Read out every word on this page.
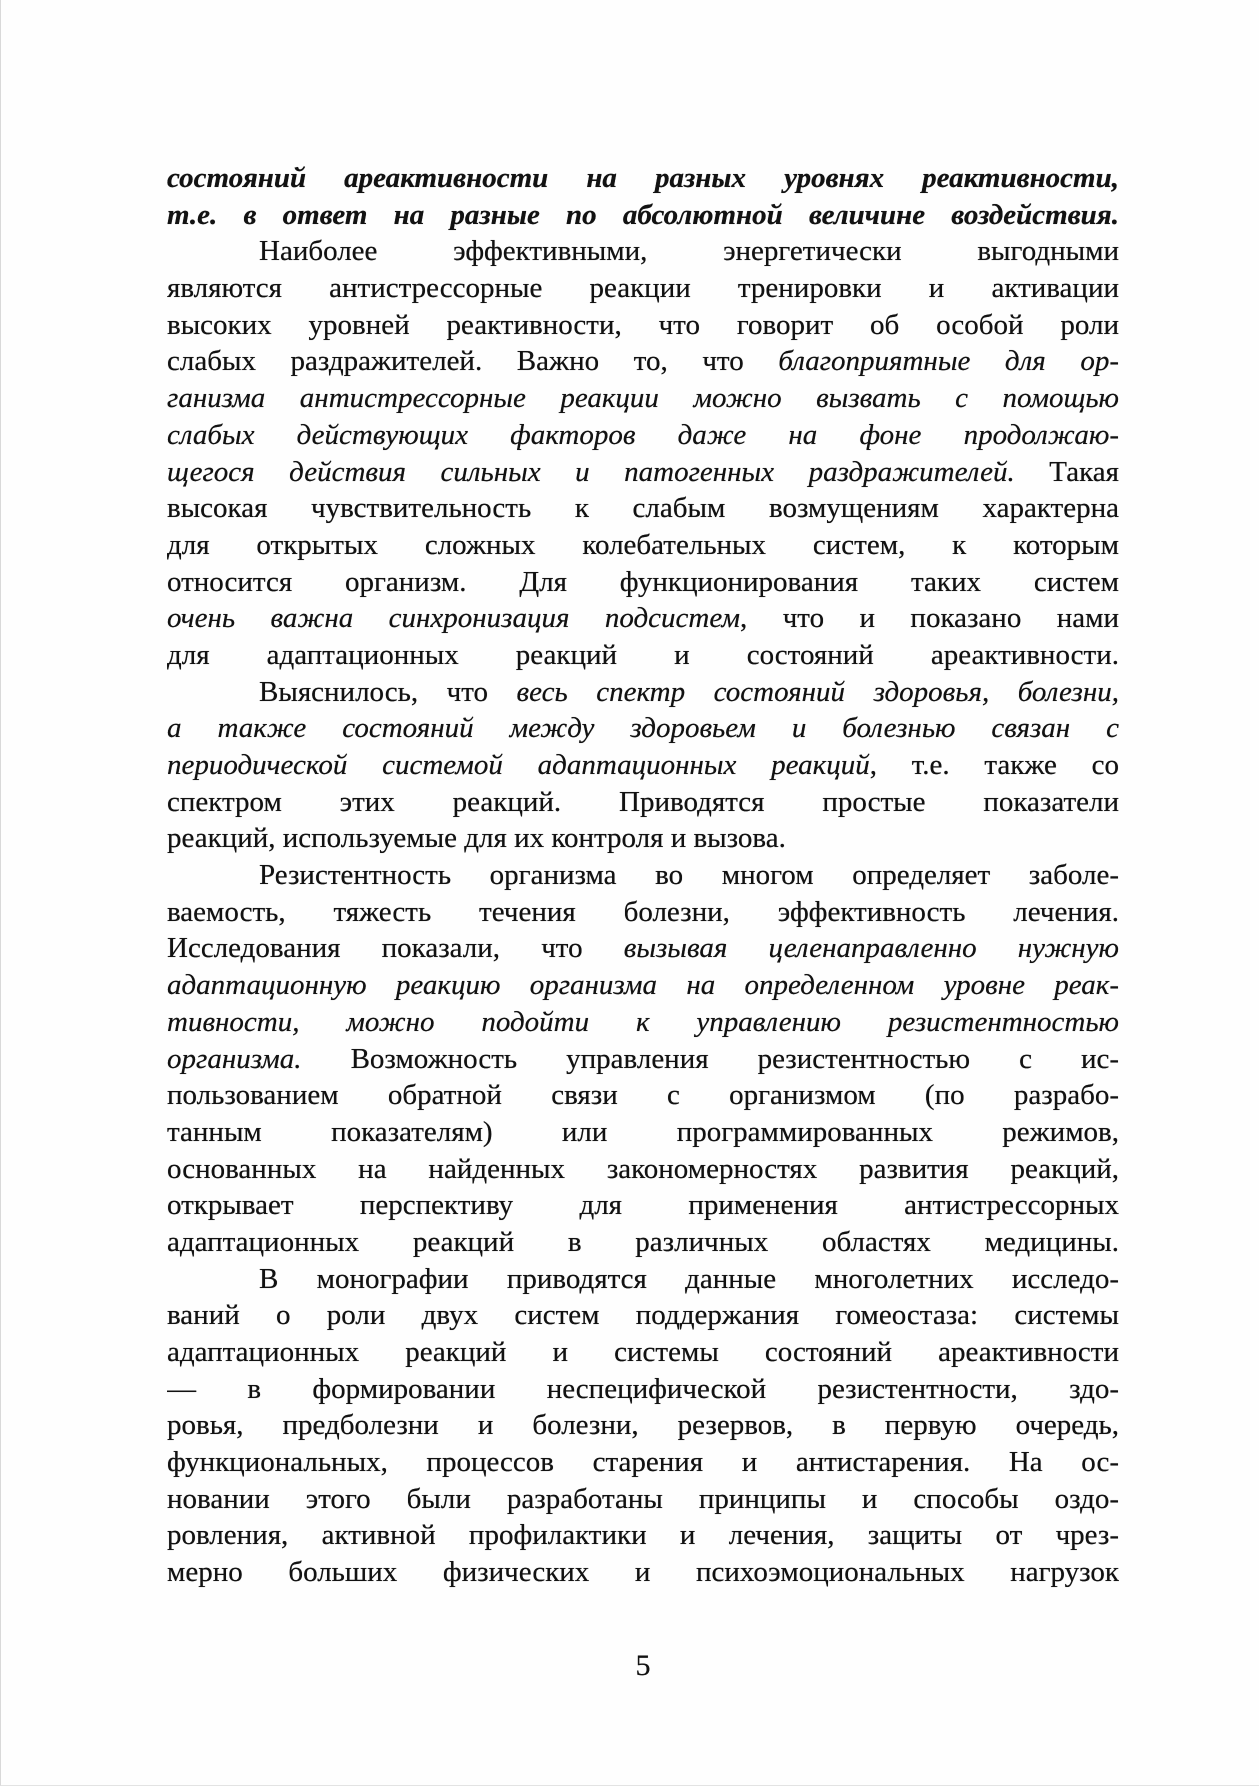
состояний ареактивности на разных уровнях реактивности,
т.е. в ответ на разные по абсолютной величине воздействия.
Наиболее эффективными, энергетически выгодными
являются антистрессорные реакции тренировки и активации
высоких уровней реактивности, что говорит об особой роли
слабых раздражителей. Важно то, что благоприятные для ор-
ганизма антистрессорные реакции можно вызвать с помощью
слабых действующих факторов даже на фоне продолжаю-
щегося действия сильных и патогенных раздражителей. Такая
высокая чувствительность к слабым возмущениям характерна
для открытых сложных колебательных систем, к которым
относится организм. Для функционирования таких систем
очень важна синхронизация подсистем, что и показано нами
для адаптационных реакций и состояний ареактивности.
Выяснилось, что весь спектр состояний здоровья, болезни,
а также состояний между здоровьем и болезнью связан с
периодической системой адаптационных реакций, т.е. также со
спектром этих реакций. Приводятся простые показатели
реакций, используемые для их контроля и вызова.
Резистентность организма во многом определяет заболе-
ваемость, тяжесть течения болезни, эффективность лечения.
Исследования показали, что вызывая целенаправленно нужную
адаптационную реакцию организма на определенном уровне реак-
тивности, можно подойти к управлению резистентностью
организма. Возможность управления резистентностью с ис-
пользованием обратной связи с организмом (по разрабо-
танным показателям) или программированных режимов,
основанных на найденных закономерностях развития реакций,
открывает перспективу для применения антистрессорных
адаптационных реакций в различных областях медицины.
В монографии приводятся данные многолетних исследо-
ваний о роли двух систем поддержания гомеостаза: системы
адаптационных реакций и системы состояний ареактивности
— в формировании неспецифической резистентности, здо-
ровья, предболезни и болезни, резервов, в первую очередь,
функциональных, процессов старения и антистарения. На ос-
новании этого были разработаны принципы и способы оздо-
ровления, активной профилактики и лечения, защиты от чрез-
мерно больших физических и психоэмоциональных нагрузок
5
